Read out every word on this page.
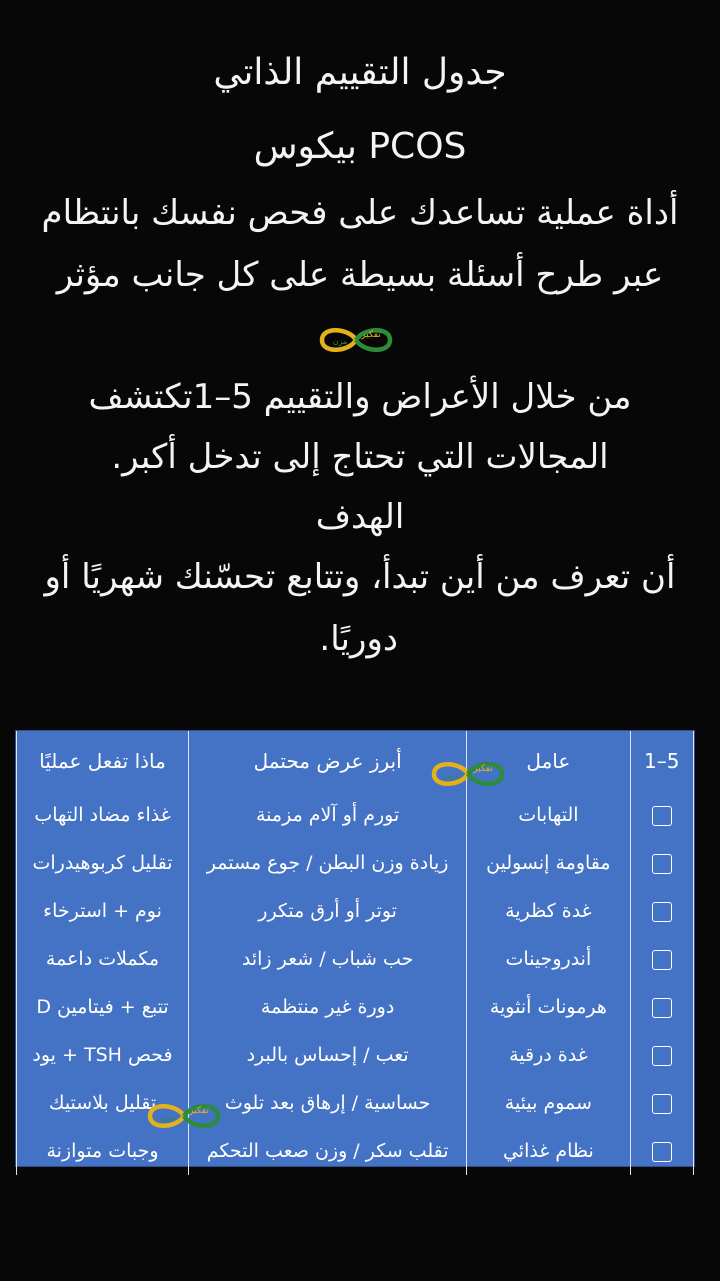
جدول التقييم الذاتي
PCOS بيكوس
أداة عملية تساعدك على فحص نفسك بانتظام
عبر طرح أسئلة بسيطة على كل جانب مؤثر
تفكير
مرن
من خلال الأعراض والتقييم 5–1تكتشف
المجالات التي تحتاج إلى تدخل أكبر.
الهدف
أن تعرف من أين تبدأ، وتتابع تحسّنك شهريًا أو
دوريًا.
5–1	عامل	أبرز عرض محتمل	ماذا تفعل عمليًا
	التهابات	تورم أو آلام مزمنة	غذاء مضاد التهاب
	مقاومة إنسولين	زيادة وزن البطن / جوع مستمر	تقليل كربوهيدرات
	غدة كظرية	توتر أو أرق متكرر	نوم + استرخاء
	أندروجينات	حب شباب / شعر زائد	مكملات داعمة
	هرمونات أنثوية	دورة غير منتظمة	تتبع + فيتامين D
	غدة درقية	تعب / إحساس بالبرد	فحص TSH + يود
	سموم بيئية	حساسية / إرهاق بعد تلوث	تقليل بلاستيك
	نظام غذائي	تقلب سكر / وزن صعب التحكم	وجبات متوازنة
تفكير
مرن
تفكير
مرن
